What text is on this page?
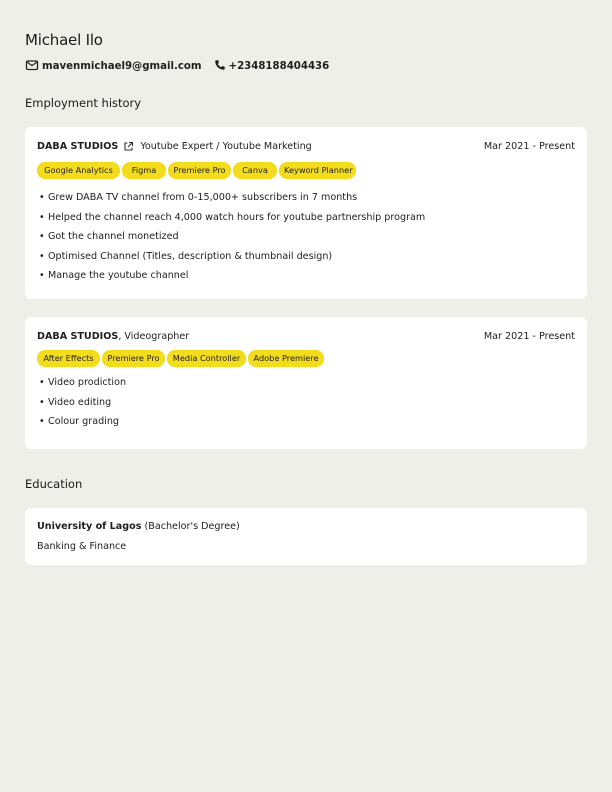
Michael Ilo
mavenmichael9@gmail.com	+2348188404436
Employment history
DABA STUDIOS Youtube Expert / Youtube Marketing	Mar 2021 - Present
Google Analytics	Figma	Premiere Pro	Canva	Keyword Planner
• Grew DABA TV channel from 0-15,000+ subscribers in 7 months
• Helped the channel reach 4,000 watch hours for youtube partnership program
• Got the channel monetized
• Optimised Channel (Titles, description & thumbnail design)
• Manage the youtube channel
DABA STUDIOS , Videographer	Mar 2021 - Present
After Effects	Premiere Pro	Media Controller	Adobe Premiere
• Video prodiction
• Video editing
• Colour grading
Education
University of Lagos (Bachelor's Degree)
Banking & Finance
